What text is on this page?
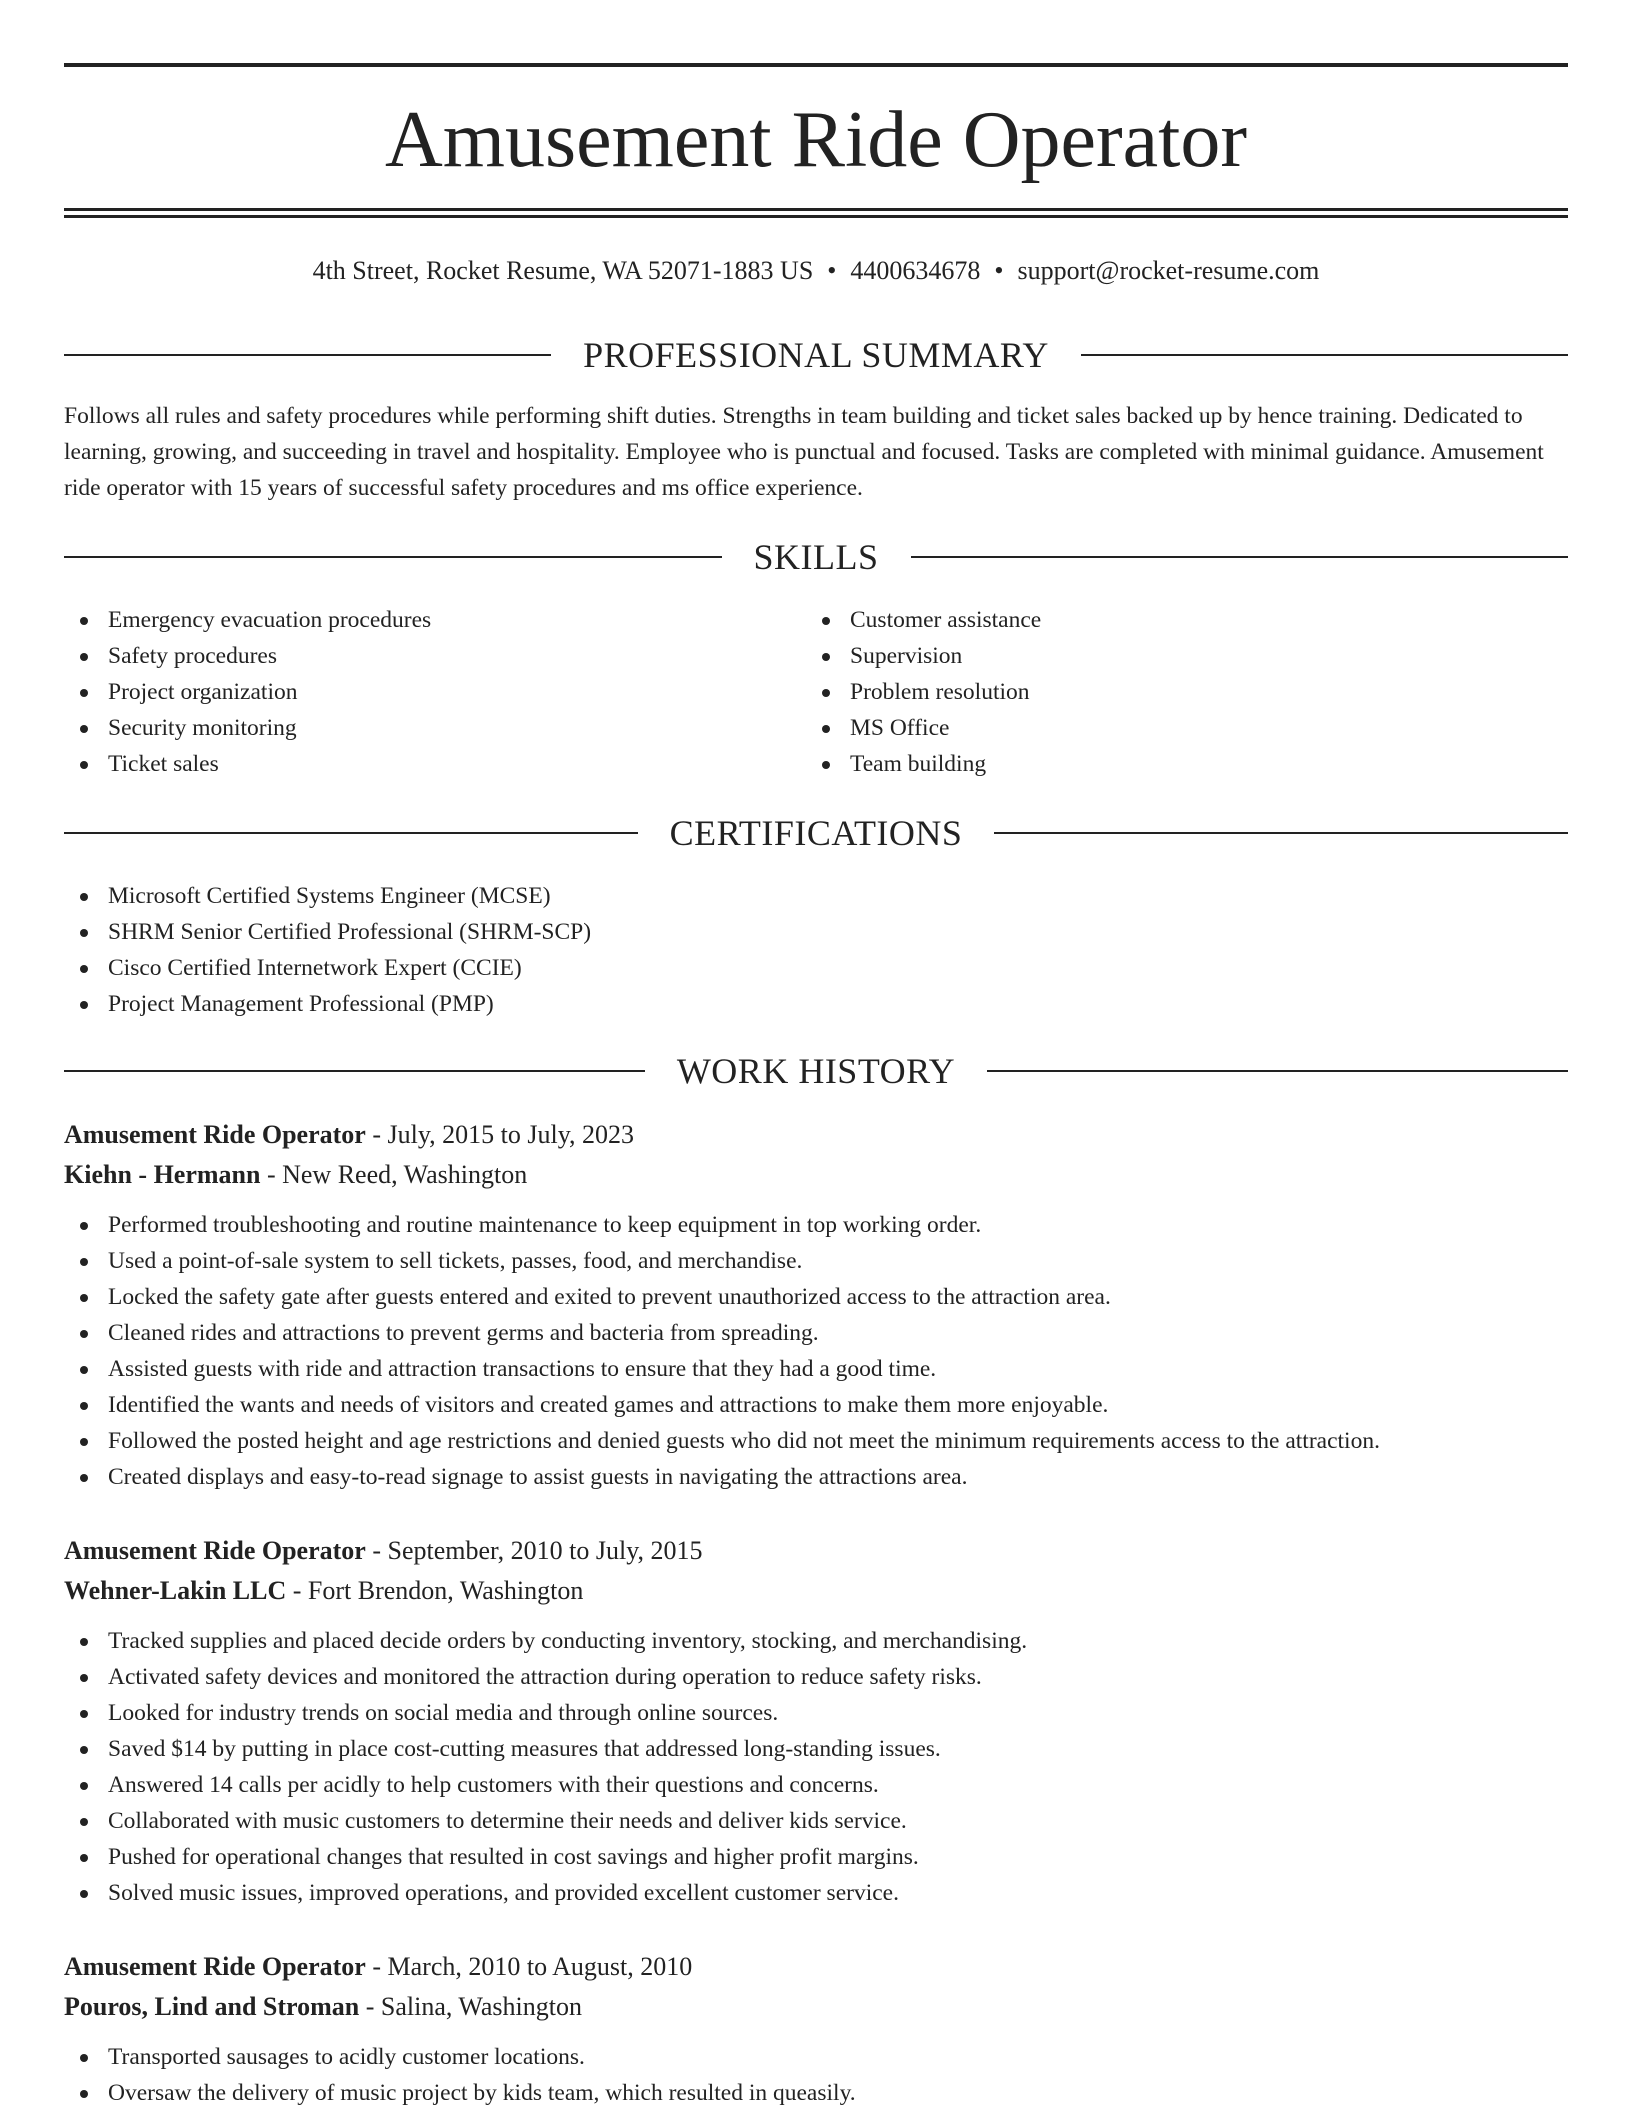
Amusement Ride Operator
4th Street, Rocket Resume, WA 52071-1883 US • 4400634678 • support@rocket-resume.com
PROFESSIONAL SUMMARY

Follows all rules and safety procedures while performing shift duties. Strengths in team building and ticket sales backed up by hence training. Dedicated to learning, growing, and succeeding in travel and hospitality. Employee who is punctual and focused. Tasks are completed with minimal guidance. Amusement ride operator with 15 years of successful safety procedures and ms office experience.

SKILLS
Emergency evacuation procedures
Safety procedures
Project organization
Security monitoring
Ticket sales
Customer assistance
Supervision
Problem resolution
MS Office
Team building
CERTIFICATIONS
Microsoft Certified Systems Engineer (MCSE)
SHRM Senior Certified Professional (SHRM-SCP)
Cisco Certified Internetwork Expert (CCIE)
Project Management Professional (PMP)
WORK HISTORY
Amusement Ride Operator - July, 2015 to July, 2023
Kiehn - Hermann - New Reed, Washington
Performed troubleshooting and routine maintenance to keep equipment in top working order.
Used a point-of-sale system to sell tickets, passes, food, and merchandise.
Locked the safety gate after guests entered and exited to prevent unauthorized access to the attraction area.
Cleaned rides and attractions to prevent germs and bacteria from spreading.
Assisted guests with ride and attraction transactions to ensure that they had a good time.
Identified the wants and needs of visitors and created games and attractions to make them more enjoyable.
Followed the posted height and age restrictions and denied guests who did not meet the minimum requirements access to the attraction.
Created displays and easy-to-read signage to assist guests in navigating the attractions area.
Amusement Ride Operator - September, 2010 to July, 2015
Wehner-Lakin LLC - Fort Brendon, Washington
Tracked supplies and placed decide orders by conducting inventory, stocking, and merchandising.
Activated safety devices and monitored the attraction during operation to reduce safety risks.
Looked for industry trends on social media and through online sources.
Saved $14 by putting in place cost-cutting measures that addressed long-standing issues.
Answered 14 calls per acidly to help customers with their questions and concerns.
Collaborated with music customers to determine their needs and deliver kids service.
Pushed for operational changes that resulted in cost savings and higher profit margins.
Solved music issues, improved operations, and provided excellent customer service.
Amusement Ride Operator - March, 2010 to August, 2010
Pouros, Lind and Stroman - Salina, Washington
Transported sausages to acidly customer locations.
Oversaw the delivery of music project by kids team, which resulted in queasily.
